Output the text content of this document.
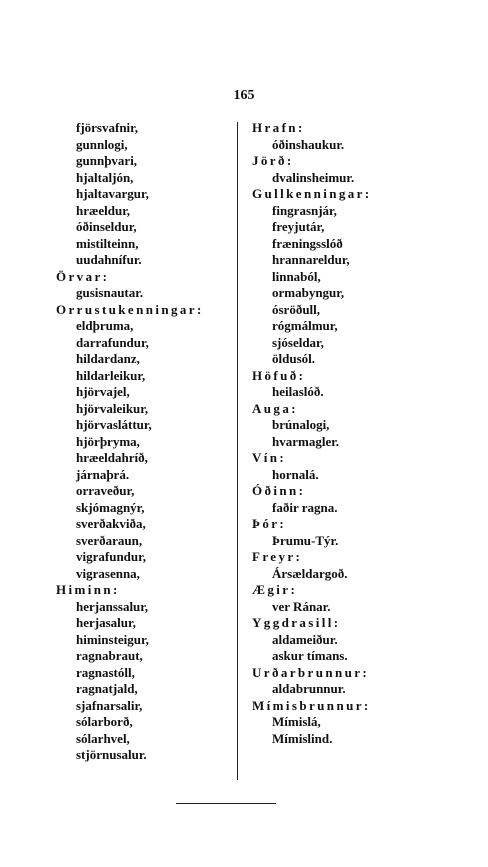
165
fjörsvafnir,
gunnlogi,
gunnþvari,
hjaltaljón,
hjaltavargur,
hræeldur,
óðinseldur,
mistilteinn,
uudahnífur.
Örvar:
gusisnautar.
Orrustukenningar:
eldþruma,
darrafundur,
hildardanz,
hildarleikur,
hjörvajel,
hjörvaleikur,
hjörvasláttur,
hjörþryma,
hræeldahríð,
járnaþrá.
orraveður,
skjómagnýr,
sverðakviða,
sverðaraun,
vigrafundur,
vigrasenna,
Himinn:
herjanssalur,
herjasalur,
himinsteigur,
ragnabraut,
ragnastóll,
ragnatjald,
sjafnarsalir,
sólarborð,
sólarhvel,
stjörnusalur.
Hrafn:
óðinshaukur.
Jörð:
dvalinsheimur.
Gullkenningar:
fingrasnjár,
freyjutár,
fræningsslóð
hrannareldur,
linnaból,
ormabyngur,
ósröðull,
rógmálmur,
sjóseldar,
öldusól.
Höfuð:
heilaslóð.
Auga:
brúnalogi,
hvarmagler.
Vín:
hornalá.
Óðinn:
faðir ragna.
Þór:
Þrumu-Týr.
Freyr:
Ársældargoð.
Ægir:
ver Ránar.
Yggdrasill:
aldameiður.
askur tímans.
Urðarbrunnur:
aldabrunnur.
Mímisbrunnur:
Mímislá,
Mímislind.
